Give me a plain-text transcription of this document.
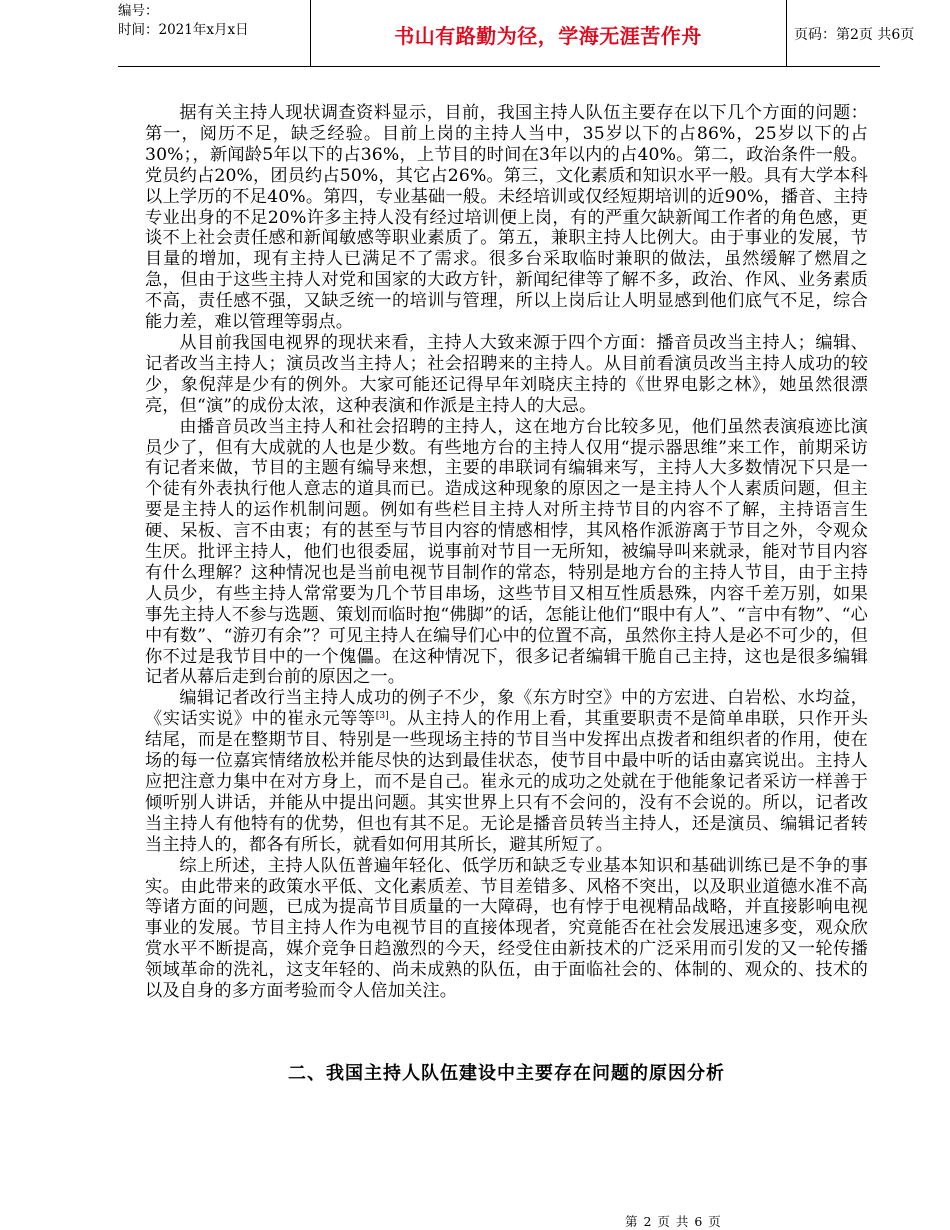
编号：
时间：2021年x月x日	书山有路勤为径，学海无涯苦作舟	页码：第2页 共6页

据有关主持人现状调查资料显示，目前，我国主持人队伍主要存在以下几个方面的问题：第一，阅历不足，缺乏经验。目前上岗的主持人当中，35岁以下的占86%，25岁以下的占30%；，新闻龄5年以下的占36%，上节目的时间在3年以内的占40%。第二，政治条件一般。党员约占20%，团员约占50%，其它占26%。第三，文化素质和知识水平一般。具有大学本科以上学历的不足40%。第四，专业基础一般。未经培训或仅经短期培训的近90%，播音、主持专业出身的不足20%许多主持人没有经过培训便上岗，有的严重欠缺新闻工作者的角色感，更谈不上社会责任感和新闻敏感等职业素质了。第五，兼职主持人比例大。由于事业的发展，节目量的增加，现有主持人已满足不了需求。很多台采取临时兼职的做法，虽然缓解了燃眉之急，但由于这些主持人对党和国家的大政方针，新闻纪律等了解不多，政治、作风、业务素质不高，责任感不强，又缺乏统一的培训与管理，所以上岗后让人明显感到他们底气不足，综合能力差，难以管理等弱点。

从目前我国电视界的现状来看，主持人大致来源于四个方面：播音员改当主持人；编辑、记者改当主持人；演员改当主持人；社会招聘来的主持人。从目前看演员改当主持人成功的较少，象倪萍是少有的例外。大家可能还记得早年刘晓庆主持的《世界电影之林》，她虽然很漂亮，但“演”的成份太浓，这种表演和作派是主持人的大忌。

由播音员改当主持人和社会招聘的主持人，这在地方台比较多见，他们虽然表演痕迹比演员少了，但有大成就的人也是少数。有些地方台的主持人仅用“提示器思维”来工作，前期采访有记者来做，节目的主题有编导来想，主要的串联词有编辑来写，主持人大多数情况下只是一个徒有外表执行他人意志的道具而已。造成这种现象的原因之一是主持人个人素质问题，但主要是主持人的运作机制问题。例如有些栏目主持人对所主持节目的内容不了解，主持语言生硬、呆板、言不由衷；有的甚至与节目内容的情感相悖，其风格作派游离于节目之外，令观众生厌。批评主持人，他们也很委屈，说事前对节目一无所知，被编导叫来就录，能对节目内容有什么理解？这种情况也是当前电视节目制作的常态，特别是地方台的主持人节目，由于主持人员少，有些主持人常常要为几个节目串场，这些节目又相互性质悬殊，内容千差万别，如果事先主持人不参与选题、策划而临时抱“佛脚”的话，怎能让他们“眼中有人”、“言中有物”、“心中有数”、“游刃有余”？可见主持人在编导们心中的位置不高，虽然你主持人是必不可少的，但你不过是我节目中的一个傀儡。在这种情况下，很多记者编辑干脆自己主持，这也是很多编辑记者从幕后走到台前的原因之一。

编辑记者改行当主持人成功的例子不少，象《东方时空》中的方宏进、白岩松、水均益，《实话实说》中的崔永元等等[3]。从主持人的作用上看，其重要职责不是简单串联，只作开头结尾，而是在整期节目、特别是一些现场主持的节目当中发挥出点拨者和组织者的作用，使在场的每一位嘉宾情绪放松并能尽快的达到最佳状态，使节目中最中听的话由嘉宾说出。主持人应把注意力集中在对方身上，而不是自己。崔永元的成功之处就在于他能象记者采访一样善于倾听别人讲话，并能从中提出问题。其实世界上只有不会问的，没有不会说的。所以，记者改当主持人有他特有的优势，但也有其不足。无论是播音员转当主持人，还是演员、编辑记者转当主持人的，都各有所长，就看如何用其所长，避其所短了。

综上所述，主持人队伍普遍年轻化、低学历和缺乏专业基本知识和基础训练已是不争的事实。由此带来的政策水平低、文化素质差、节目差错多、风格不突出，以及职业道德水准不高等诸方面的问题，已成为提高节目质量的一大障碍，也有悖于电视精品战略，并直接影响电视事业的发展。节目主持人作为电视节目的直接体现者，究竟能否在社会发展迅速多变，观众欣赏水平不断提高，媒介竞争日趋激烈的今天，经受住由新技术的广泛采用而引发的又一轮传播领域革命的洗礼，这支年轻的、尚未成熟的队伍，由于面临社会的、体制的、观众的、技术的以及自身的多方面考验而令人倍加关注。

二、我国主持人队伍建设中主要存在问题的原因分析
第 2 页 共 6 页
